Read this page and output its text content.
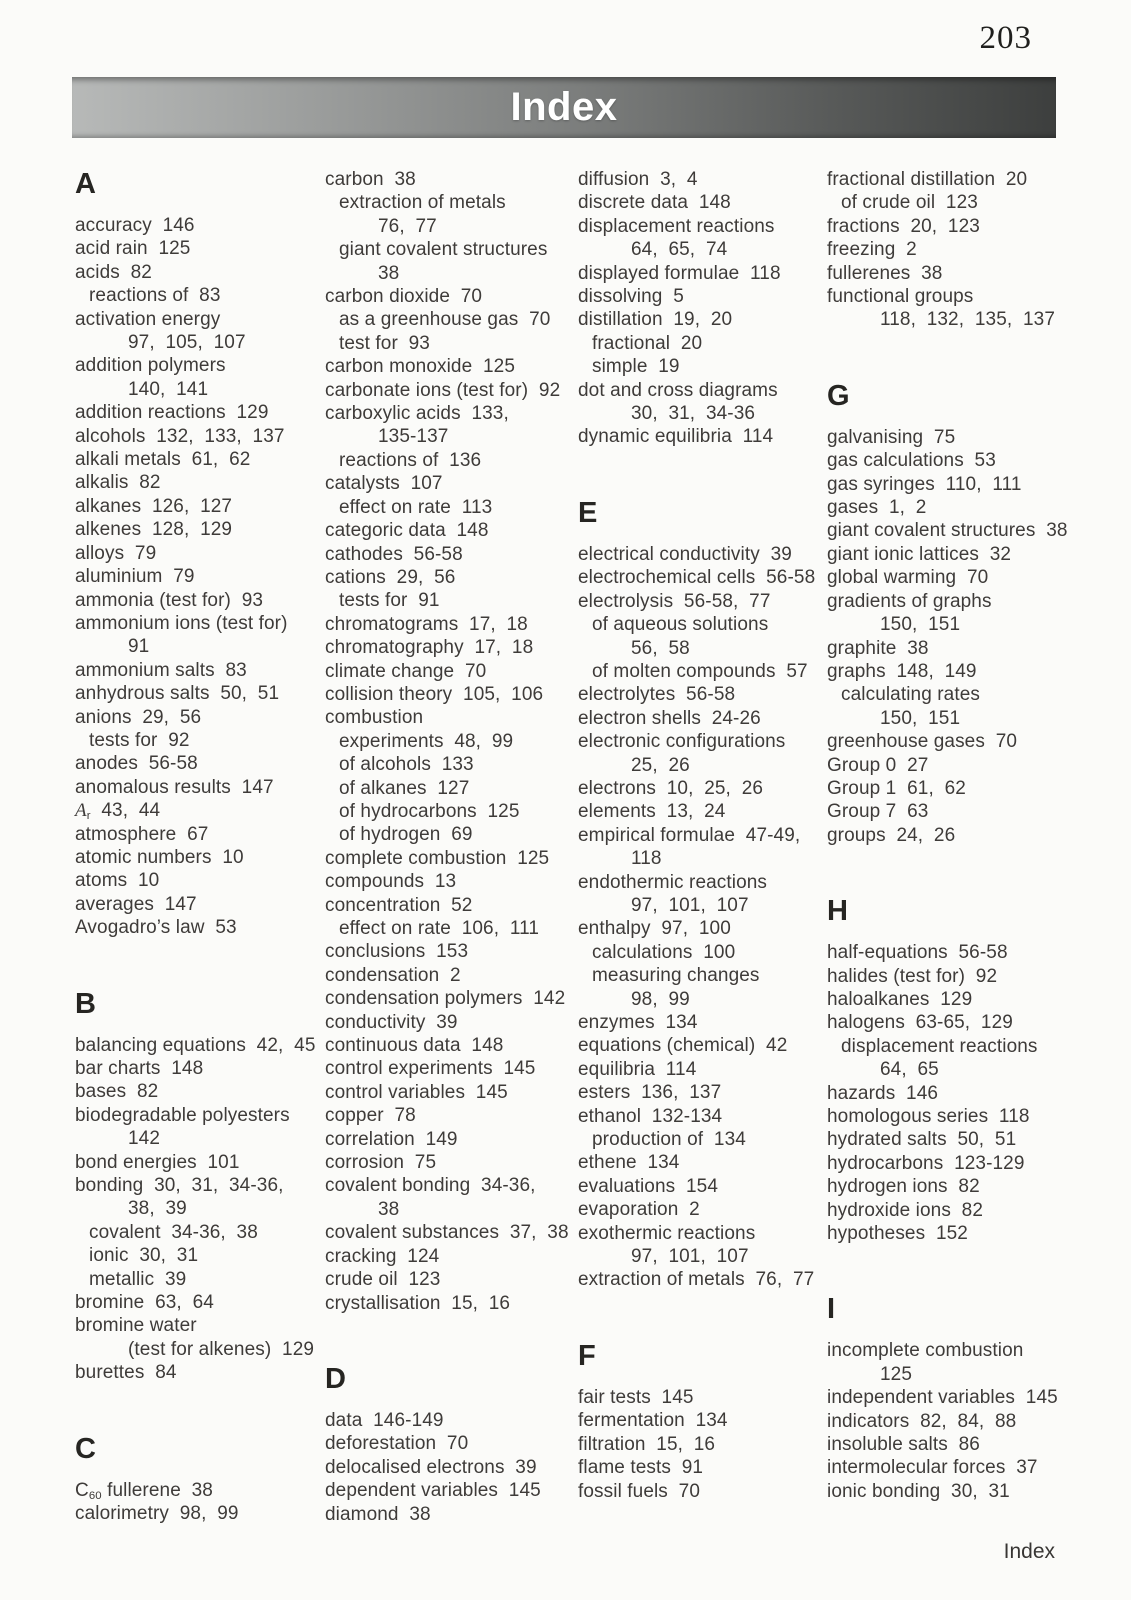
203
Index
A
accuracy  146
acid rain  125
acids  82
reactions of  83
activation energy
97,  105,  107
addition polymers
140,  141
addition reactions  129
alcohols  132,  133,  137
alkali metals  61,  62
alkalis  82
alkanes  126,  127
alkenes  128,  129
alloys  79
aluminium  79
ammonia (test for)  93
ammonium ions (test for)
91
ammonium salts  83
anhydrous salts  50,  51
anions  29,  56
tests for  92
anodes  56-58
anomalous results  147
$A_r$  43,  44
atmosphere  67
atomic numbers  10
atoms  10
averages  147
Avogadro’s law  53
B
balancing equations  42,  45
bar charts  148
bases  82
biodegradable polyesters
142
bond energies  101
bonding  30,  31,  34-36,
38,  39
covalent  34-36,  38
ionic  30,  31
metallic  39
bromine  63,  64
bromine water
(test for alkenes)  129
burettes  84
C
$C_{60}$ fullerene  38
calorimetry  98,  99
carbon  38
extraction of metals
76,  77
giant covalent structures
38
carbon dioxide  70
as a greenhouse gas  70
test for  93
carbon monoxide  125
carbonate ions (test for)  92
carboxylic acids  133,
135-137
reactions of  136
catalysts  107
effect on rate  113
categoric data  148
cathodes  56-58
cations  29,  56
tests for  91
chromatograms  17,  18
chromatography  17,  18
climate change  70
collision theory  105,  106
combustion
experiments  48,  99
of alcohols  133
of alkanes  127
of hydrocarbons  125
of hydrogen  69
complete combustion  125
compounds  13
concentration  52
effect on rate  106,  111
conclusions  153
condensation  2
condensation polymers  142
conductivity  39
continuous data  148
control experiments  145
control variables  145
copper  78
correlation  149
corrosion  75
covalent bonding  34-36,
38
covalent substances  37,  38
cracking  124
crude oil  123
crystallisation  15,  16
D
data  146-149
deforestation  70
delocalised electrons  39
dependent variables  145
diamond  38
diffusion  3,  4
discrete data  148
displacement reactions
64,  65,  74
displayed formulae  118
dissolving  5
distillation  19,  20
fractional  20
simple  19
dot and cross diagrams
30,  31,  34-36
dynamic equilibria  114
E
electrical conductivity  39
electrochemical cells  56-58
electrolysis  56-58,  77
of aqueous solutions
56,  58
of molten compounds  57
electrolytes  56-58
electron shells  24-26
electronic configurations
25,  26
electrons  10,  25,  26
elements  13,  24
empirical formulae  47-49,
118
endothermic reactions
97,  101,  107
enthalpy  97,  100
calculations  100
measuring changes
98,  99
enzymes  134
equations (chemical)  42
equilibria  114
esters  136,  137
ethanol  132-134
production of  134
ethene  134
evaluations  154
evaporation  2
exothermic reactions
97,  101,  107
extraction of metals  76,  77
F
fair tests  145
fermentation  134
filtration  15,  16
flame tests  91
fossil fuels  70
fractional distillation  20
of crude oil  123
fractions  20,  123
freezing  2
fullerenes  38
functional groups
118,  132,  135,  137
G
galvanising  75
gas calculations  53
gas syringes  110,  111
gases  1,  2
giant covalent structures  38
giant ionic lattices  32
global warming  70
gradients of graphs
150,  151
graphite  38
graphs  148,  149
calculating rates
150,  151
greenhouse gases  70
Group 0  27
Group 1  61,  62
Group 7  63
groups  24,  26
H
half-equations  56-58
halides (test for)  92
haloalkanes  129
halogens  63-65,  129
displacement reactions
64,  65
hazards  146
homologous series  118
hydrated salts  50,  51
hydrocarbons  123-129
hydrogen ions  82
hydroxide ions  82
hypotheses  152
I
incomplete combustion
125
independent variables  145
indicators  82,  84,  88
insoluble salts  86
intermolecular forces  37
ionic bonding  30,  31
Index
